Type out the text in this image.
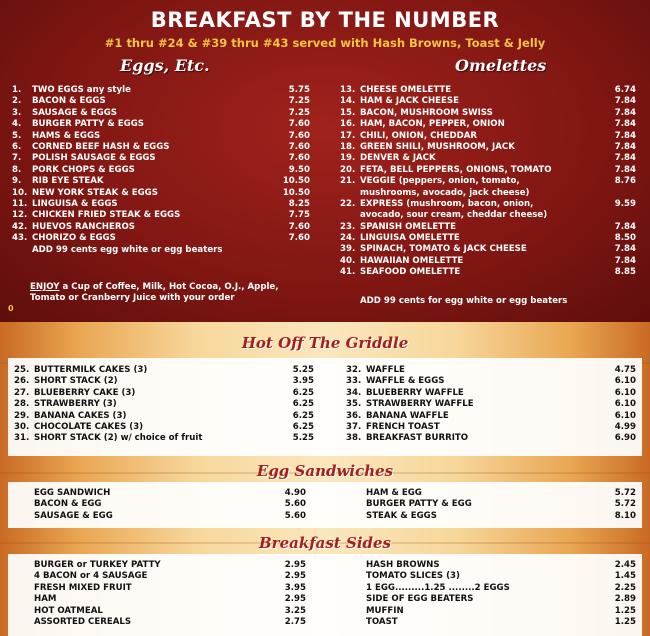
BREAKFAST BY THE NUMBER
#1 thru #24 & #39 thru #43 served with Hash Browns, Toast & Jelly
Eggs, Etc.	Omelettes
1. TWO EGGS any style	5.75
2. BACON & EGGS	7.25
3. SAUSAGE & EGGS	7.25
4. BURGER PATTY & EGGS	7.60
5. HAMS & EGGS	7.60
6. CORNED BEEF HASH & EGGS	7.60
7. POLISH SAUSAGE & EGGS	7.60
8. PORK CHOPS & EGGS	9.50
9. RIB EYE STEAK	10.50
10. NEW YORK STEAK & EGGS	10.50
11. LINGUISA & EGGS	8.25
12. CHICKEN FRIED STEAK & EGGS	7.75
42. HUEVOS RANCHEROS	7.60
43. CHORIZO & EGGS	7.60
ADD 99 cents egg white or egg beaters
ENJOY a Cup of Coffee, Milk, Hot Cocoa, O.J., Apple, Tomato or Cranberry Juice with your order
0
13. CHEESE OMELETTE	6.74
14. HAM & JACK CHEESE	7.84
15. BACON, MUSHROOM SWISS	7.84
16. HAM, BACON, PEPPER, ONION	7.84
17. CHILI, ONION, CHEDDAR	7.84
18. GREEN SHILI, MUSHROOM, JACK	7.84
19. DENVER & JACK	7.84
20. FETA, BELL PEPPERS, ONIONS, TOMATO	7.84
21. VEGGIE (peppers, onion, tomato,	8.76
mushrooms, avocado, jack cheese)
22. EXPRESS (mushroom, bacon, onion,	9.59
avocado, sour cream, cheddar cheese)
23. SPANISH OMELETTE	7.84
24. LINGUISA OMELETTE	8.50
39. SPINACH, TOMATO & JACK CHEESE	7.84
40. HAWAIIAN OMELETTE	7.84
41. SEAFOOD OMELETTE	8.85
ADD 99 cents for egg white or egg beaters
Hot Off The Griddle
25. BUTTERMILK CAKES (3)	5.25
26. SHORT STACK (2)	3.95
27. BLUEBERRY CAKE (3)	6.25
28. STRAWBERRY (3)	6.25
29. BANANA CAKES (3)	6.25
30. CHOCOLATE CAKES (3)	6.25
31. SHORT STACK (2) w/ choice of fruit	5.25
32. WAFFLE	4.75
33. WAFFLE & EGGS	6.10
34. BLUEBERRY WAFFLE	6.10
35. STRAWBERRY WAFFLE	6.10
36. BANANA WAFFLE	6.10
37. FRENCH TOAST	4.99
38. BREAKFAST BURRITO	6.90
Egg Sandwiches
EGG SANDWICH	4.90
BACON & EGG	5.60
SAUSAGE & EGG	5.60
HAM & EGG	5.72
BURGER PATTY & EGG	5.72
STEAK & EGGS	8.10
Breakfast Sides
BURGER or TURKEY PATTY	2.95
4 BACON or 4 SAUSAGE	2.95
FRESH MIXED FRUIT	3.95
HAM	2.95
HOT OATMEAL	3.25
ASSORTED CEREALS	2.75
HASH BROWNS	2.45
TOMATO SLICES (3)	1.45
1 EGG.........1.25 ........2 EGGS	2.25
SIDE OF EGG BEATERS	2.89
MUFFIN	1.25
TOAST	1.25
